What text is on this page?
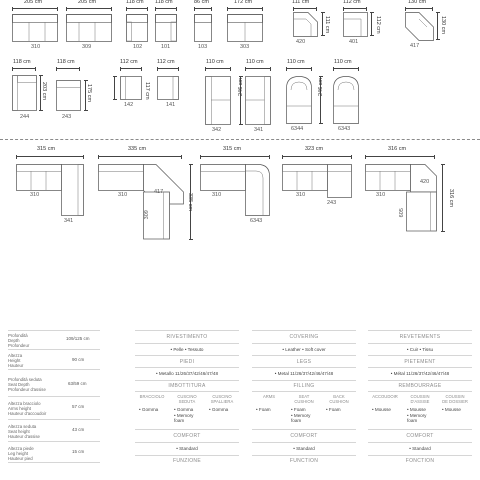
205 cm
310
205 cm
309
118 cm
102
118 cm
101
86 cm
103
172 cm
303
111 cm
111 cm
420
112 cm
112 cm
401
130 cm
130 cm
417
118 cm
203 cm
244
118 cm
175 cm
243
112 cm
117 cm
142
112 cm
141
110 cm
342
110 cm
246 cm
341
110 cm
246 cm
6344
110 cm
6343
315 cm
310
341
335 cm
335 cm
310	417
309
315 cm
310
6343
323 cm
310
243
316 cm
316 cm
310
420
605
Profondità
Depth
Profondeur
109/125 cm
Altezza
Height
Hauteur
90 cm
Profondità seduta
Seat Depth
Profondeur d'assise
63/59 cm
Altezza bracciolo
Arms height
Hauteur d'accoudoir
57 cm
Altezza seduta
Seat height
Hauteur d'assise
43 cm
Altezza piede
Leg height
Hauteur pied
15 cm
RIVESTIMENTO
• Pelle • Tessuto
PIEDI
• Metallo 11/26/37/42/46/47/48
IMBOTTITURA
BRACCIOLO
• Gomma
CUSCINO
SEDUTA
• Gomma
• Memory
foam
CUSCINO
SPALLIERA
• Gomma
COMFORT
• Standard
FUNZIONE
COVERING
• Leather • Soft cover
LEGS
• Metal 11/26/37/42/46/47/48
FILLING
ARMS
• Foam
SEAT
CUSHION
• Foam
• Memory
foam
BACK
CUSHION
• Foam
COMFORT
• Standard
FUNCTION
REVETEMENTS
• Cuir • Tissu
PIETEMENT
• Métal 11/26/37/42/46/47/48
REMBOURRAGE
ACCOUDOIR
• Mousse
COUSSIN
D'ASSISE
• Mousse
• Memory
foam
COUSSIN
DE DOSSIER
• Mousse
COMFORT
• Standard
FONCTION
